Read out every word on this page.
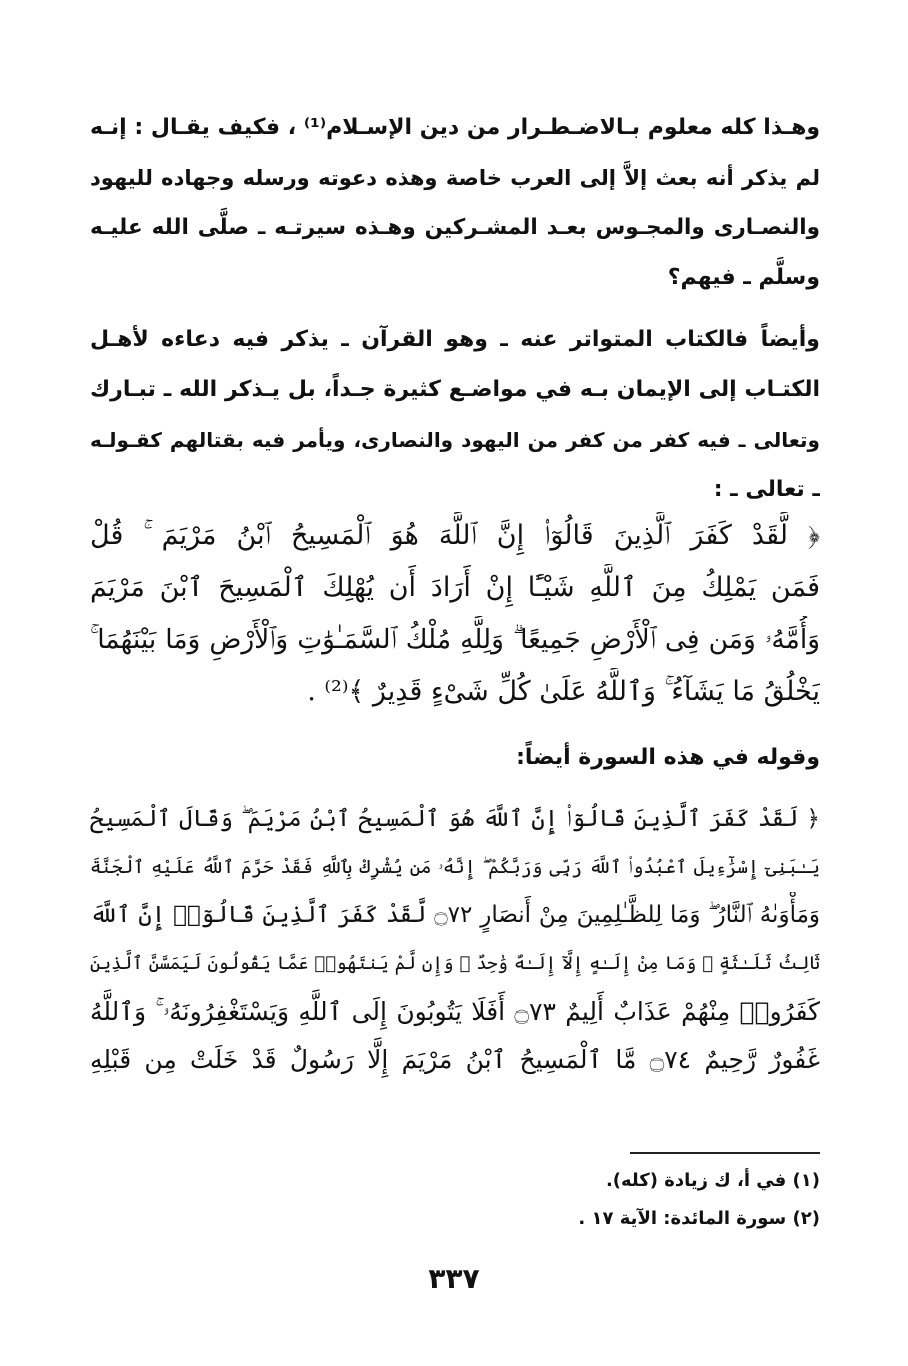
وهـذا كله معلوم بـالاضـطـرار من دين الإسـلام⁽¹⁾ ، فكيف يقـال : إنـه
لم يذكر أنه بعث إلاَّ إلى العرب خاصة وهذه دعوته ورسله وجهاده لليهود
والنصـارى والمجـوس بعـد المشـركين وهـذه سيرتـه ـ صلَّى الله عليـه
وسلَّم ـ فيهم؟
وأيضاً فالكتاب المتواتر عنه ـ وهو القرآن ـ يذكر فيه دعاءه لأهـل
الكتـاب إلى الإيمان بـه في مواضـع كثيرة جـداً، بل يـذكر الله ـ تبـارك
وتعالى ـ فيه كفر من كفر من اليهود والنصارى، ويأمر فيه بقتالهم كقـولـه
ـ تعالى ـ :
﴿ لَّقَدْ كَفَرَ ٱلَّذِينَ قَالُوٓا۟ إِنَّ ٱللَّهَ هُوَ ٱلْمَسِيحُ ٱبْنُ مَرْيَمَ ۚ قُلْ
فَمَن يَمْلِكُ مِنَ ٱللَّهِ شَيْـًٔا إِنْ أَرَادَ أَن يُهْلِكَ ٱلْمَسِيحَ ٱبْنَ مَرْيَمَ
وَأُمَّهُۥ وَمَن فِى ٱلْأَرْضِ جَمِيعًا ۗ وَلِلَّهِ مُلْكُ ٱلسَّمَـٰوَٰتِ وَٱلْأَرْضِ وَمَا بَيْنَهُمَا ۚ
يَخْلُقُ مَا يَشَآءُ ۚ وَٱللَّهُ عَلَىٰ كُلِّ شَىْءٍ قَدِيرٌ ﴾⁽²⁾ .
وقوله في هذه السورة أيضاً:
﴿ لَقَدْ كَفَرَ ٱلَّذِينَ قَالُوٓا۟ إِنَّ ٱللَّهَ هُوَ ٱلْمَسِيحُ ٱبْنُ مَرْيَمَ ۖ وَقَالَ ٱلْمَسِيحُ
يَـٰبَنِىٓ إِسْرَٰٓءِيلَ ٱعْبُدُوا۟ ٱللَّهَ رَبِّى وَرَبَّكُمْ ۖ إِنَّهُۥ مَن يُشْرِكْ بِٱللَّهِ فَقَدْ حَرَّمَ ٱللَّهُ عَلَيْهِ ٱلْجَنَّةَ
وَمَأْوَىٰهُ ٱلنَّارُ ۖ وَمَا لِلظَّـٰلِمِينَ مِنْ أَنصَارٍ ۝٧٢ لَّقَدْ كَفَرَ ٱلَّذِينَ قَالُوٓا۟ إِنَّ ٱللَّهَ
ثَالِثُ ثَلَـٰثَةٍ ۘ وَمَا مِنْ إِلَـٰهٍ إِلَّآ إِلَـٰهٌ وَٰحِدٌ ۚ وَإِن لَّمْ يَنتَهُوا۟ عَمَّا يَقُولُونَ لَيَمَسَّنَّ ٱلَّذِينَ
كَفَرُوا۟ مِنْهُمْ عَذَابٌ أَلِيمٌ ۝٧٣ أَفَلَا يَتُوبُونَ إِلَى ٱللَّهِ وَيَسْتَغْفِرُونَهُۥ ۚ وَٱللَّهُ
غَفُورٌ رَّحِيمٌ ۝٧٤ مَّا ٱلْمَسِيحُ ٱبْنُ مَرْيَمَ إِلَّا رَسُولٌ قَدْ خَلَتْ مِن قَبْلِهِ
(١) في أ، ك زيادة (كله).
(٢) سورة المائدة: الآية ١٧ .
٣٣٧
